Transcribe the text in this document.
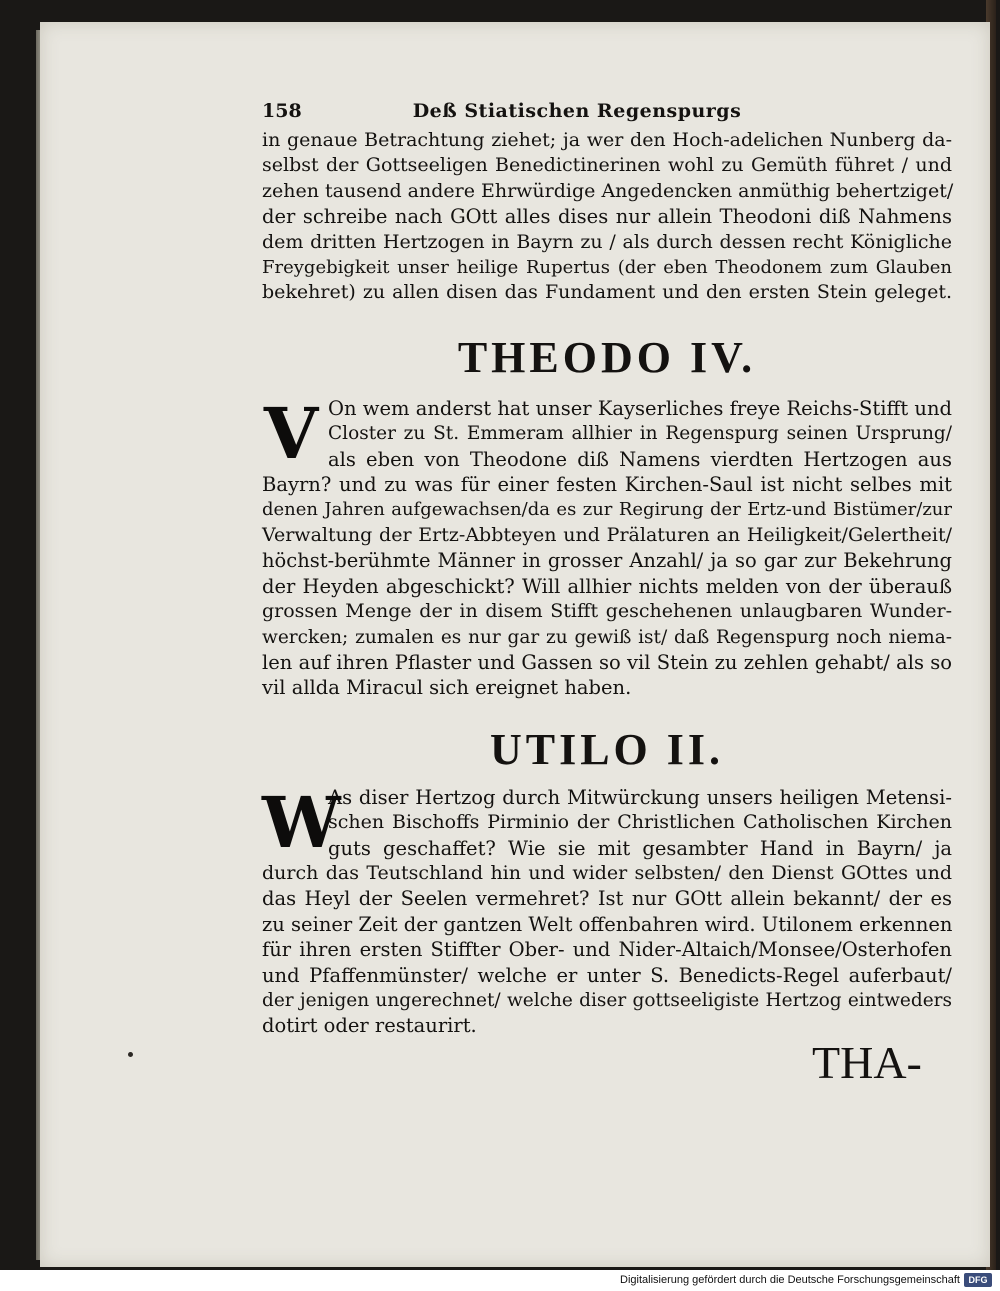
158	Deß Stiatischen Regenspurgs

in genaue Betrachtung ziehet; ja wer den Hoch-adelichen Nunberg da-
selbst der Gottseeligen Benedictinerinen wohl zu Gemüth führet / und
zehen tausend andere Ehrwürdige Angedencken anmüthig behertziget/
der schreibe nach GOtt alles dises nur allein Theodoni diß Nahmens
dem dritten Hertzogen in Bayrn zu / als durch dessen recht Königliche
Freygebigkeit unser heilige Rupertus (der eben Theodonem zum Glauben
bekehret) zu allen disen das Fundament und den ersten Stein geleget.

THEODO IV.
V On wem anderst hat unser Kayserliches freye Reichs-Stifft und
Closter zu St. Emmeram allhier in Regenspurg seinen Ursprung/
als eben von Theodone diß Namens vierdten Hertzogen aus

Bayrn? und zu was für einer festen Kirchen-Saul ist nicht selbes mit
denen Jahren aufgewachsen/da es zur Regirung der Ertz-und Bistümer/zur
Verwaltung der Ertz-Abbteyen und Prälaturen an Heiligkeit/Gelertheit/
höchst-berühmte Männer in grosser Anzahl/ ja so gar zur Bekehrung
der Heyden abgeschickt? Will allhier nichts melden von der überauß
grossen Menge der in disem Stifft geschehenen unlaugbaren Wunder-
wercken; zumalen es nur gar zu gewiß ist/ daß Regenspurg noch niema-
len auf ihren Pflaster und Gassen so vil Stein zu zehlen gehabt/ als so
vil allda Miracul sich ereignet haben.

UTILO II.
W

As diser Hertzog durch Mitwürckung unsers heiligen Metensi-
schen Bischoffs Pirminio der Christlichen Catholischen Kirchen
guts geschaffet? Wie sie mit gesambter Hand in Bayrn/ ja

durch das Teutschland hin und wider selbsten/ den Dienst GOttes und
das Heyl der Seelen vermehret? Ist nur GOtt allein bekannt/ der es
zu seiner Zeit der gantzen Welt offenbahren wird. Utilonem erkennen
für ihren ersten Stiffter Ober- und Nider-Altaich/Monsee/Osterhofen
und Pfaffenmünster/ welche er unter S. Benedicts-Regel auferbaut/
der jenigen ungerechnet/ welche diser gottseeligiste Hertzog eintweders
dotirt oder restaurirt.

THA-
Digitalisierung gefördert durch die Deutsche Forschungsgemeinschaft DFG
